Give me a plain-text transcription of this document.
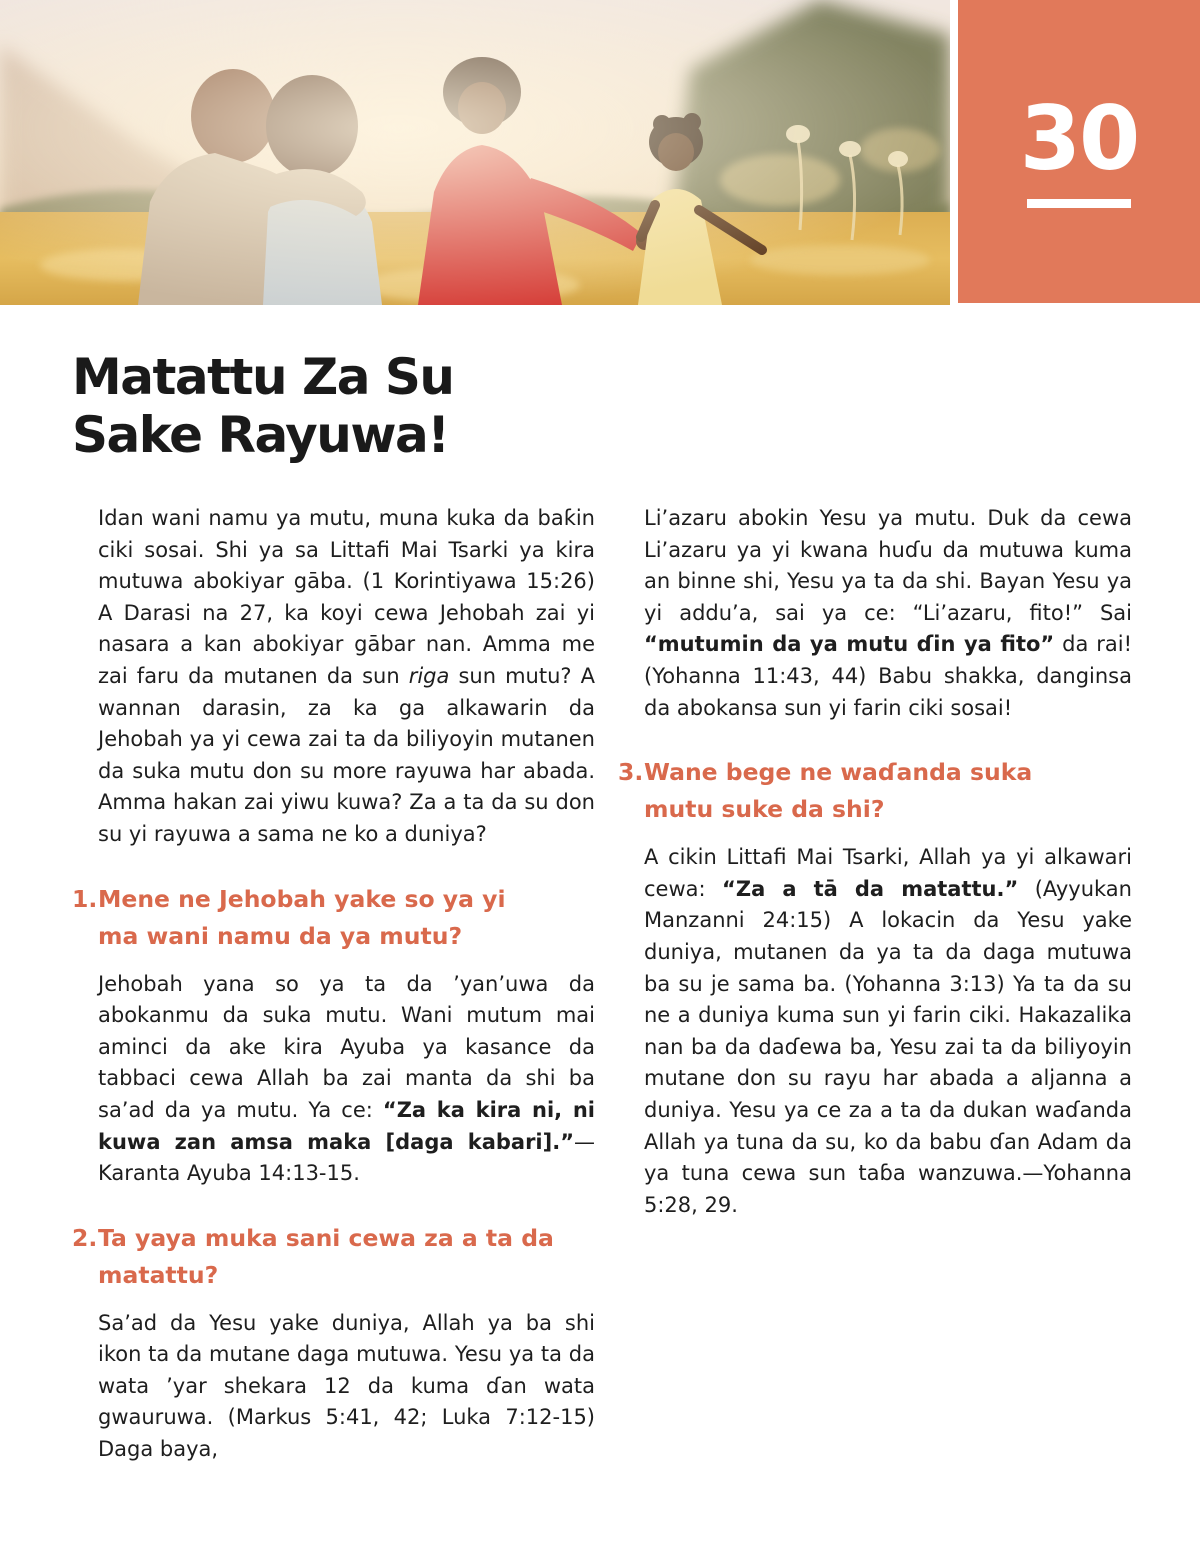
30
Matattu Za Su
Sake Rayuwa!

Idan wani namu ya mutu, muna kuka da baƙin ciki sosai. Shi ya sa Littafi Mai Tsarki ya kira mutuwa abokiyar gāba. (1 Korintiyawa 15:26) A Darasi na 27, ka koyi cewa Jehobah zai yi nasara a kan abokiyar gābar nan. Amma me zai faru da mutanen da sun riga sun mutu? A wannan darasin, za ka ga alkawarin da Jehobah ya yi cewa zai ta da biliyoyin mutanen da suka mutu don su more rayuwa har abada. Amma hakan zai yiwu kuwa? Za a ta da su don su yi rayuwa a sama ne ko a duniya?

1. Mene ne Jehobah yake so ya yi
ma wani namu da ya mutu?

Jehobah yana so ya ta da ’yan’uwa da abokanmu da suka mutu. Wani mutum mai aminci da ake kira Ayuba ya kasance da tabbaci cewa Allah ba zai manta da shi ba sa’ad da ya mutu. Ya ce: “Za ka kira ni, ni kuwa zan amsa maka [daga kabari].”—Karanta Ayuba 14:13-15.

2. Ta yaya muka sani cewa za a ta da matattu?

Sa’ad da Yesu yake duniya, Allah ya ba shi ikon ta da mutane daga mutuwa. Yesu ya ta da wata ’yar shekara 12 da kuma ɗan wata gwauruwa. (Markus 5:41, 42; Luka 7:12-15) Daga baya,

Li’azaru abokin Yesu ya mutu. Duk da cewa Li’azaru ya yi kwana huɗu da mutuwa kuma an binne shi, Yesu ya ta da shi. Bayan Yesu ya yi addu’a, sai ya ce: “Li’azaru, fito!” Sai “mutumin da ya mutu ɗin ya fito” da rai! (Yohanna 11:43, 44) Babu shakka, danginsa da abokansa sun yi farin ciki sosai!

3. Wane bege ne waɗanda suka
mutu suke da shi?

A cikin Littafi Mai Tsarki, Allah ya yi alkawari cewa: “Za a tā da matattu.” (Ayyukan Manzanni 24:15) A lokacin da Yesu yake duniya, mutanen da ya ta da daga mutuwa ba su je sama ba. (Yohanna 3:13) Ya ta da su ne a duniya kuma sun yi farin ciki. Hakazalika nan ba da daɗewa ba, Yesu zai ta da biliyoyin mutane don su rayu har abada a aljanna a duniya. Yesu ya ce za a ta da dukan waɗanda Allah ya tuna da su, ko da babu ɗan Adam da ya tuna cewa sun taɓa wanzuwa.—Yohanna 5:28, 29.
